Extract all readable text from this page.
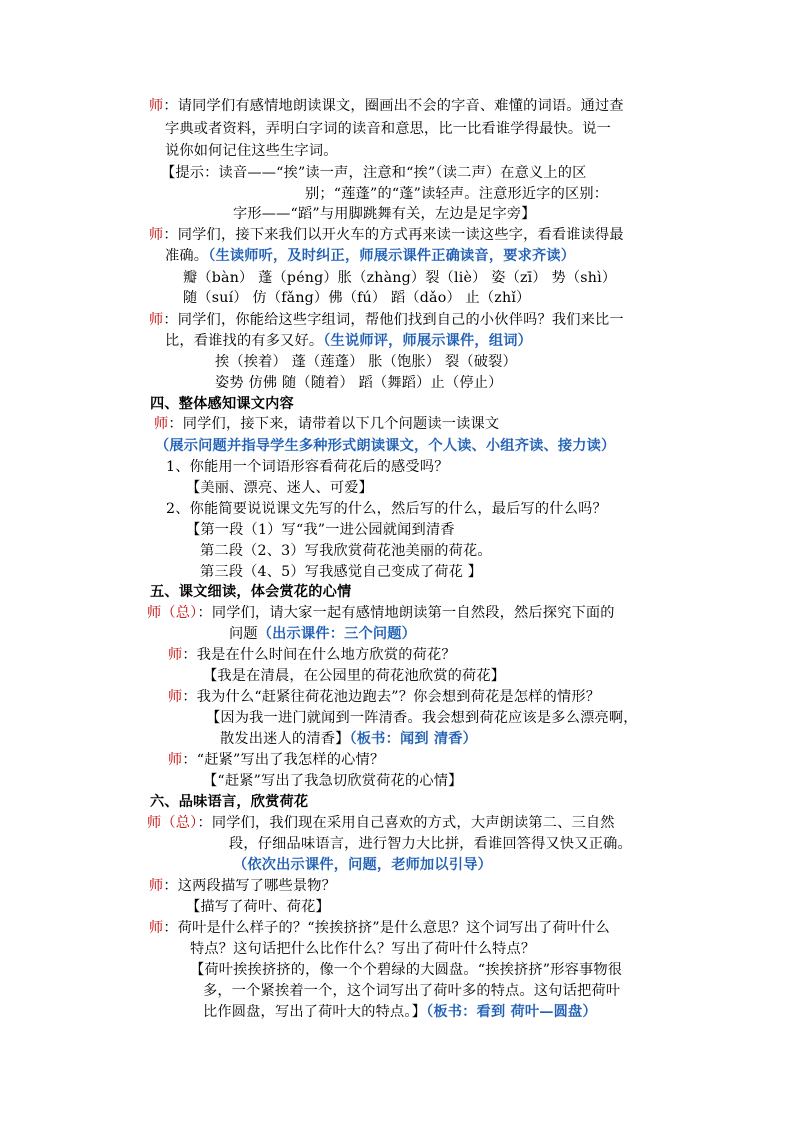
师：请同学们有感情地朗读课文，圈画出不会的字音、难懂的词语。通过查
字典或者资料，弄明白字词的读音和意思，比一比看谁学得最快。说一
说你如何记住这些生字词。
【提示：读音——“挨”读一声，注意和“挨”（读二声）在意义上的区
别；“莲蓬”的“蓬”读轻声。注意形近字的区别：
字形——“蹈”与用脚跳舞有关，左边是足字旁】
师：同学们，接下来我们以开火车的方式再来读一读这些字，看看谁读得最
准确。（生读师听，及时纠正，师展示课件正确读音，要求齐读）
瓣（bàn） 蓬（péng）胀（zhàng）裂（liè） 姿（zī） 势（shì）
随（suí） 仿（fǎng）佛（fú） 蹈（dǎo） 止（zhǐ）
师：同学们，你能给这些字组词，帮他们找到自己的小伙伴吗？我们来比一
比，看谁找的有多又好。（生说师评，师展示课件，组词）
挨（挨着） 蓬（莲蓬） 胀（饱胀） 裂（破裂）
姿势 仿佛 随（随着） 蹈（舞蹈）止（停止）
四、整体感知课文内容
师：同学们，接下来，请带着以下几个问题读一读课文
（展示问题并指导学生多种形式朗读课文，个人读、小组齐读、接力读）
1、你能用一个词语形容看荷花后的感受吗？
【美丽、漂亮、迷人、可爱】
2、你能简要说说课文先写的什么，然后写的什么，最后写的什么吗？
【第一段（1）写“我”一进公园就闻到清香
第二段（2、3）写我欣赏荷花池美丽的荷花。
第三段（4、5）写我感觉自己变成了荷花 】
五、课文细读，体会赏花的心情
师（总）：同学们，请大家一起有感情地朗读第一自然段，然后探究下面的
问题（出示课件：三个问题）
师：我是在什么时间在什么地方欣赏的荷花？
【我是在清晨，在公园里的荷花池欣赏的荷花】
师：我为什么“赶紧往荷花池边跑去”？你会想到荷花是怎样的情形？
【因为我一进门就闻到一阵清香。我会想到荷花应该是多么漂亮啊，
散发出迷人的清香】（板书：闻到 清香）
师：“赶紧”写出了我怎样的心情？
【“赶紧”写出了我急切欣赏荷花的心情】
六、品味语言，欣赏荷花
师（总）：同学们，我们现在采用自己喜欢的方式，大声朗读第二、三自然
段，仔细品味语言，进行智力大比拼，看谁回答得又快又正确。
（依次出示课件，问题，老师加以引导）
师：这两段描写了哪些景物？
【描写了荷叶、荷花】
师：荷叶是什么样子的？“挨挨挤挤”是什么意思？这个词写出了荷叶什么
特点？这句话把什么比作什么？写出了荷叶什么特点？
【荷叶挨挨挤挤的，像一个个碧绿的大圆盘。“挨挨挤挤”形容事物很
多，一个紧挨着一个，这个词写出了荷叶多的特点。这句话把荷叶
比作圆盘，写出了荷叶大的特点。】（板书：看到 荷叶—圆盘）
